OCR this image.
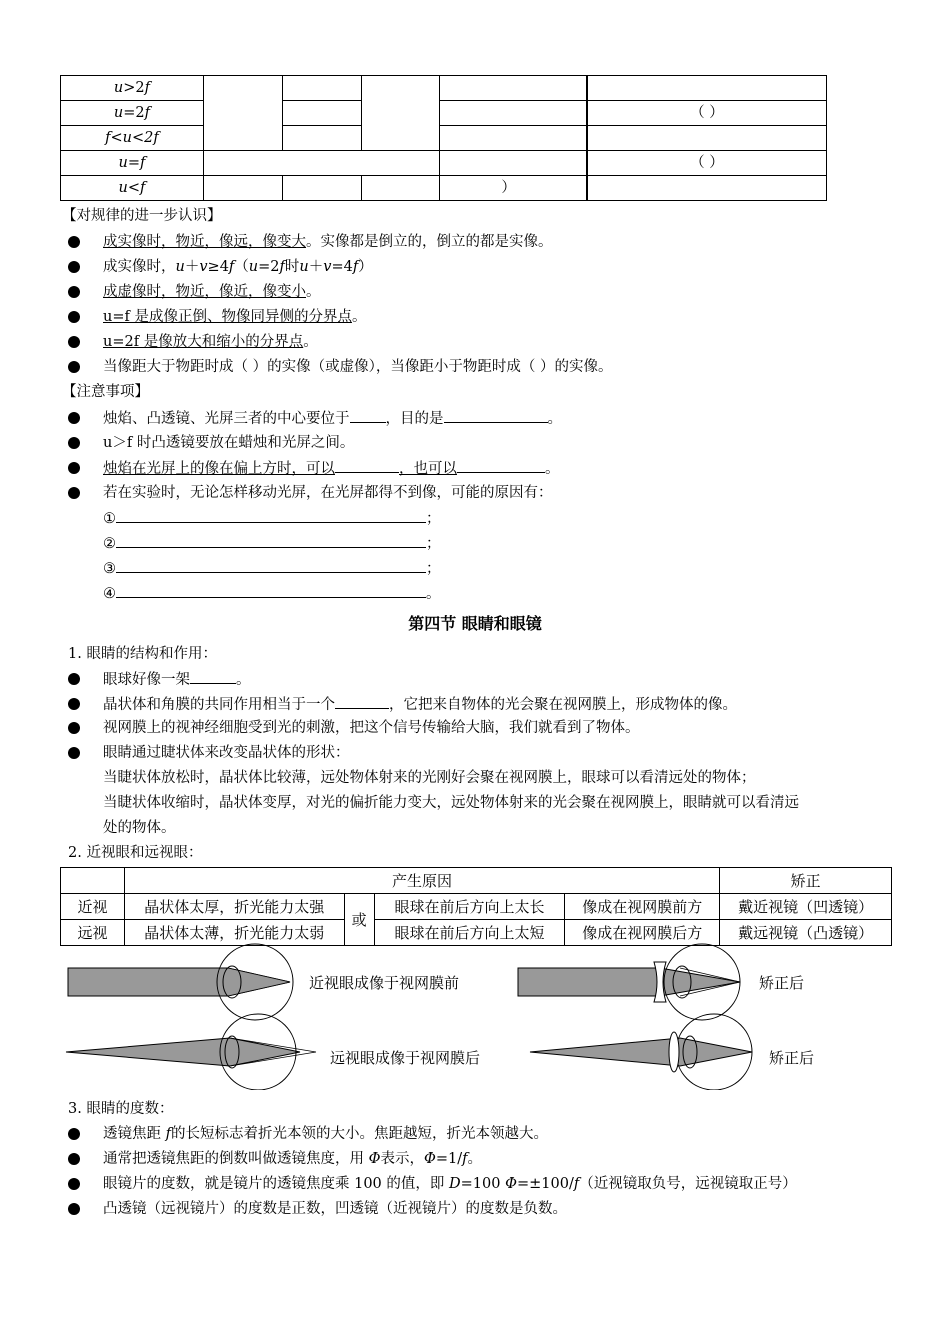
u>2f					
u=2f					（ ）
f<u<2f					
u=f					（ ）
u<f				）	
【对规律的进一步认识】
成实像时，物近，像远，像变大。实像都是倒立的，倒立的都是实像。
成实像时，u＋v≥4f（u=2f时u＋v=4f）
成虚像时，物近，像近，像变小。
u=f 是成像正倒、物像同异侧的分界点。
u=2f 是像放大和缩小的分界点。
当像距大于物距时成（ ）的实像（或虚像），当像距小于物距时成（ ）的实像。
【注意事项】
烛焰、凸透镜、光屏三者的中心要位于 ，目的是	。
u＞f 时凸透镜要放在蜡烛和光屏之间。
烛焰在光屏上的像在偏上方时，可以	，也可以	。
若在实验时，无论怎样移动光屏，在光屏都得不到像，可能的原因有：
①	；
②	；
③	；
④	。
第四节 眼睛和眼镜
1. 眼睛的结构和作用：
眼球好像一架	。
晶状体和角膜的共同作用相当于一个	，它把来自物体的光会聚在视网膜上，形成物体的像。
视网膜上的视神经细胞受到光的刺激，把这个信号传输给大脑，我们就看到了物体。
眼睛通过睫状体来改变晶状体的形状：
当睫状体放松时，晶状体比较薄，远处物体射来的光刚好会聚在视网膜上，眼球可以看清远处的物体；
当睫状体收缩时，晶状体变厚，对光的偏折能力变大，远处物体射来的光会聚在视网膜上，眼睛就可以看清远
处的物体。
2. 近视眼和远视眼：
	产生原因				矫正
近视	晶状体太厚，折光能力太强	或	眼球在前后方向上太长	像成在视网膜前方	戴近视镜（凹透镜）
远视	晶状体太薄，折光能力太弱		眼球在前后方向上太短	像成在视网膜后方	戴远视镜（凸透镜）
近视眼成像于视网膜前	矫正后
远视眼成像于视网膜后	矫正后
3. 眼睛的度数：
透镜焦距 f的长短标志着折光本领的大小。焦距越短，折光本领越大。
通常把透镜焦距的倒数叫做透镜焦度，用 Φ表示，Φ=1/f。
眼镜片的度数，就是镜片的透镜焦度乘 100 的值，即 D=100 Φ=±100/f（近视镜取负号，远视镜取正号）
凸透镜（远视镜片）的度数是正数，凹透镜（近视镜片）的度数是负数。
